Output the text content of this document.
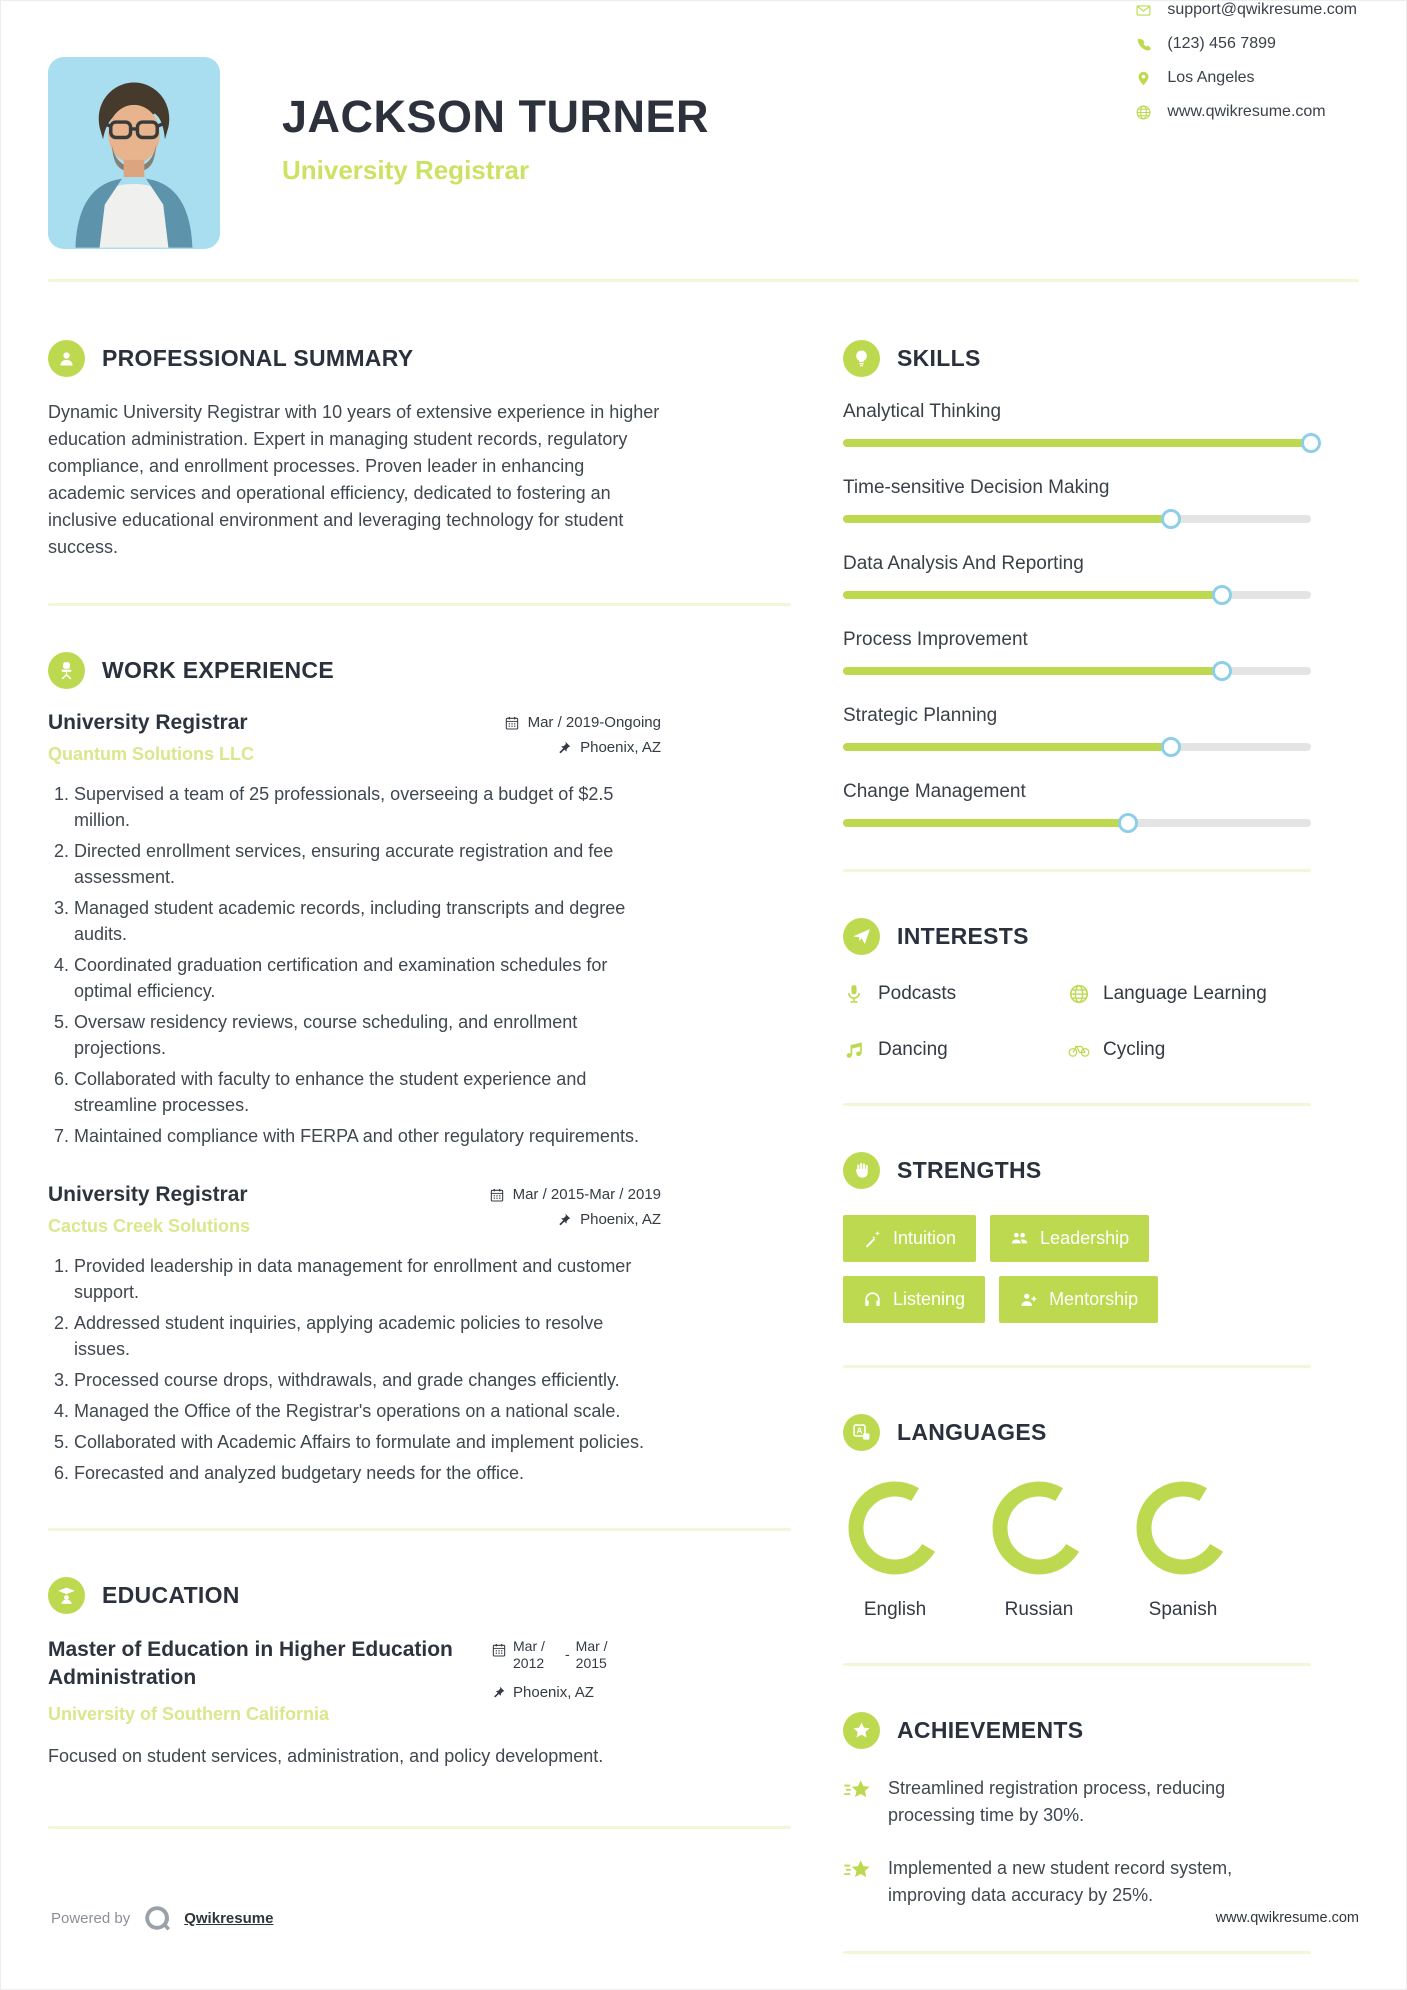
JACKSON TURNER
University Registrar
support@qwikresume.com
(123) 456 7899
Los Angeles
www.qwikresume.com
PROFESSIONAL SUMMARY

Dynamic University Registrar with 10 years of extensive experience in higher education administration. Expert in managing student records, regulatory compliance, and enrollment processes. Proven leader in enhancing academic services and operational efficiency, dedicated to fostering an inclusive educational environment and leveraging technology for student success.

WORK EXPERIENCE
University Registrar
Quantum Solutions LLC
Mar / 2019-Ongoing
Phoenix, AZ
1. Supervised a team of 25 professionals, overseeing a budget of $2.5 million.
2. Directed enrollment services, ensuring accurate registration and fee assessment.
3. Managed student academic records, including transcripts and degree audits.
4. Coordinated graduation certification and examination schedules for optimal efficiency.
5. Oversaw residency reviews, course scheduling, and enrollment projections.
6. Collaborated with faculty to enhance the student experience and streamline processes.
7. Maintained compliance with FERPA and other regulatory requirements.
University Registrar
Cactus Creek Solutions
Mar / 2015-Mar / 2019
Phoenix, AZ
1. Provided leadership in data management for enrollment and customer support.
2. Addressed student inquiries, applying academic policies to resolve issues.
3. Processed course drops, withdrawals, and grade changes efficiently.
4. Managed the Office of the Registrar's operations on a national scale.
5. Collaborated with Academic Affairs to formulate and implement policies.
6. Forecasted and analyzed budgetary needs for the office.
EDUCATION
Master of Education in Higher Education Administration
University of Southern California
Mar / 2012
- Mar / 2015
Phoenix, AZ

Focused on student services, administration, and policy development.

SKILLS
Analytical Thinking
Time-sensitive Decision Making
Data Analysis And Reporting
Process Improvement
Strategic Planning
Change Management
INTERESTS
Podcasts	Language Learning
Dancing	Cycling
STRENGTHS
Intuition	Leadership
Listening	Mentorship
LANGUAGES
English	Russian	Spanish
ACHIEVEMENTS
Streamlined registration process, reducing processing time by 30%.
Implemented a new student record system, improving data accuracy by 25%.
Powered by	Qwikresume	www.qwikresume.com
